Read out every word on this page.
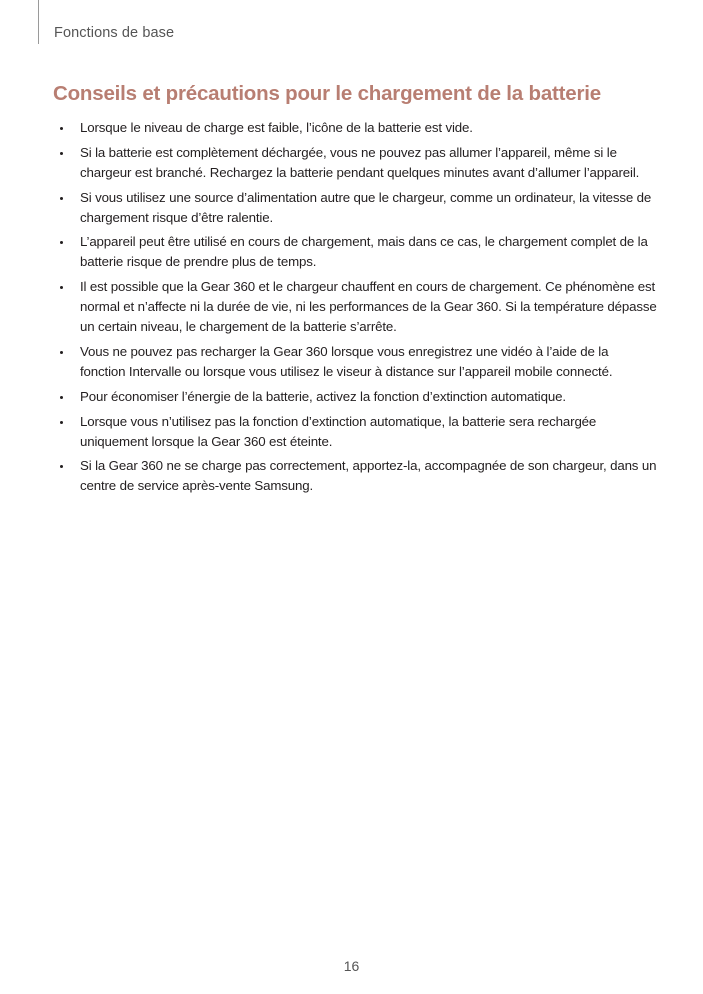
Fonctions de base
Conseils et précautions pour le chargement de la batterie
Lorsque le niveau de charge est faible, l’icône de la batterie est vide.
Si la batterie est complètement déchargée, vous ne pouvez pas allumer l’appareil, même si le chargeur est branché. Rechargez la batterie pendant quelques minutes avant d’allumer l’appareil.
Si vous utilisez une source d’alimentation autre que le chargeur, comme un ordinateur, la vitesse de chargement risque d’être ralentie.
L’appareil peut être utilisé en cours de chargement, mais dans ce cas, le chargement complet de la batterie risque de prendre plus de temps.
Il est possible que la Gear 360 et le chargeur chauffent en cours de chargement. Ce phénomène est normal et n’affecte ni la durée de vie, ni les performances de la Gear 360. Si la température dépasse un certain niveau, le chargement de la batterie s’arrête.
Vous ne pouvez pas recharger la Gear 360 lorsque vous enregistrez une vidéo à l’aide de la fonction Intervalle ou lorsque vous utilisez le viseur à distance sur l’appareil mobile connecté.
Pour économiser l’énergie de la batterie, activez la fonction d’extinction automatique.
Lorsque vous n’utilisez pas la fonction d’extinction automatique, la batterie sera rechargée uniquement lorsque la Gear 360 est éteinte.
Si la Gear 360 ne se charge pas correctement, apportez-la, accompagnée de son chargeur, dans un centre de service après-vente Samsung.
16
